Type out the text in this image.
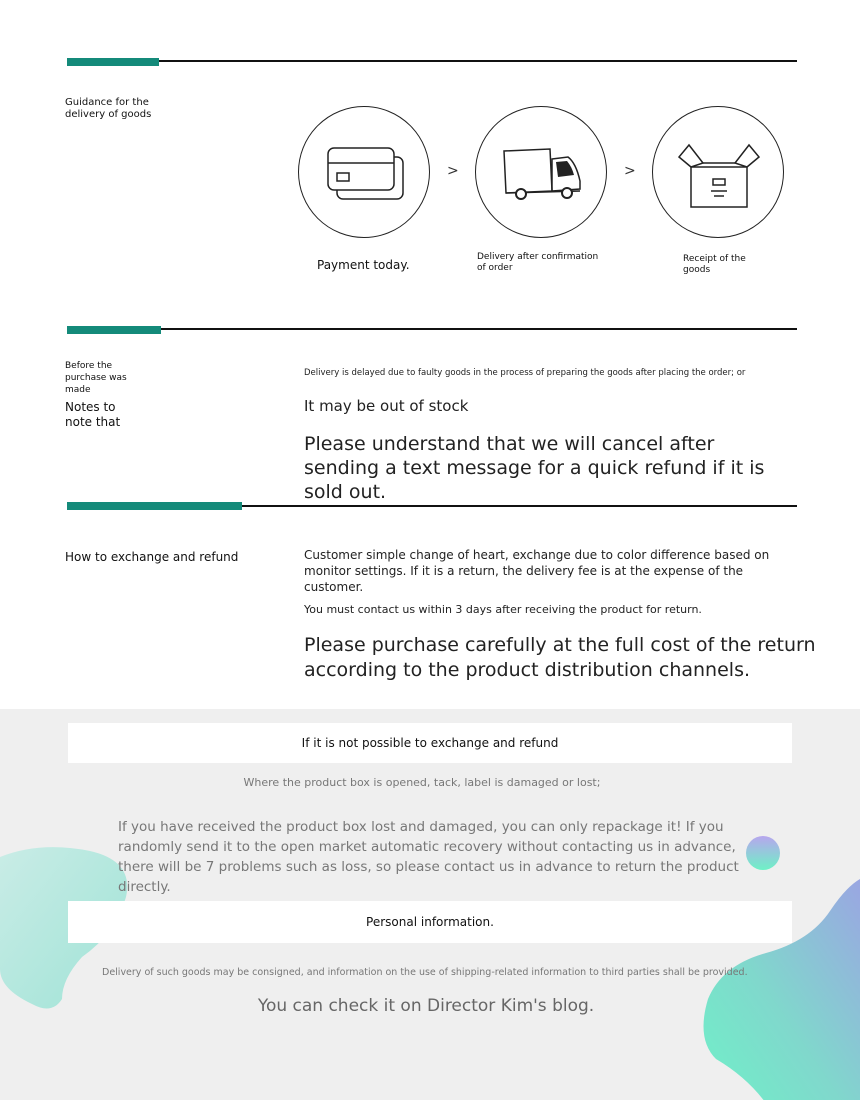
Guidance for the delivery of goods
>	>
Payment today.
Delivery after confirmation of order
Receipt of the goods
Before the purchase was made
Notes to note that
Delivery is delayed due to faulty goods in the process of preparing the goods after placing the order; or
It may be out of stock
Please understand that we will cancel after sending a text message for a quick refund if it is sold out.
How to exchange and refund	Customer simple change of heart, exchange due to color difference based on monitor settings. If it is a return, the delivery fee is at the expense of the customer.
You must contact us within 3 days after receiving the product for return.
Please purchase carefully at the full cost of the return according to the product distribution channels.
If it is not possible to exchange and refund
Where the product box is opened, tack, label is damaged or lost;
If you have received the product box lost and damaged, you can only repackage it! If you randomly send it to the open market automatic recovery without contacting us in advance, there will be 7 problems such as loss, so please contact us in advance to return the product directly.
Personal information.
Delivery of such goods may be consigned, and information on the use of shipping-related information to third parties shall be provided.
You can check it on Director Kim's blog.
